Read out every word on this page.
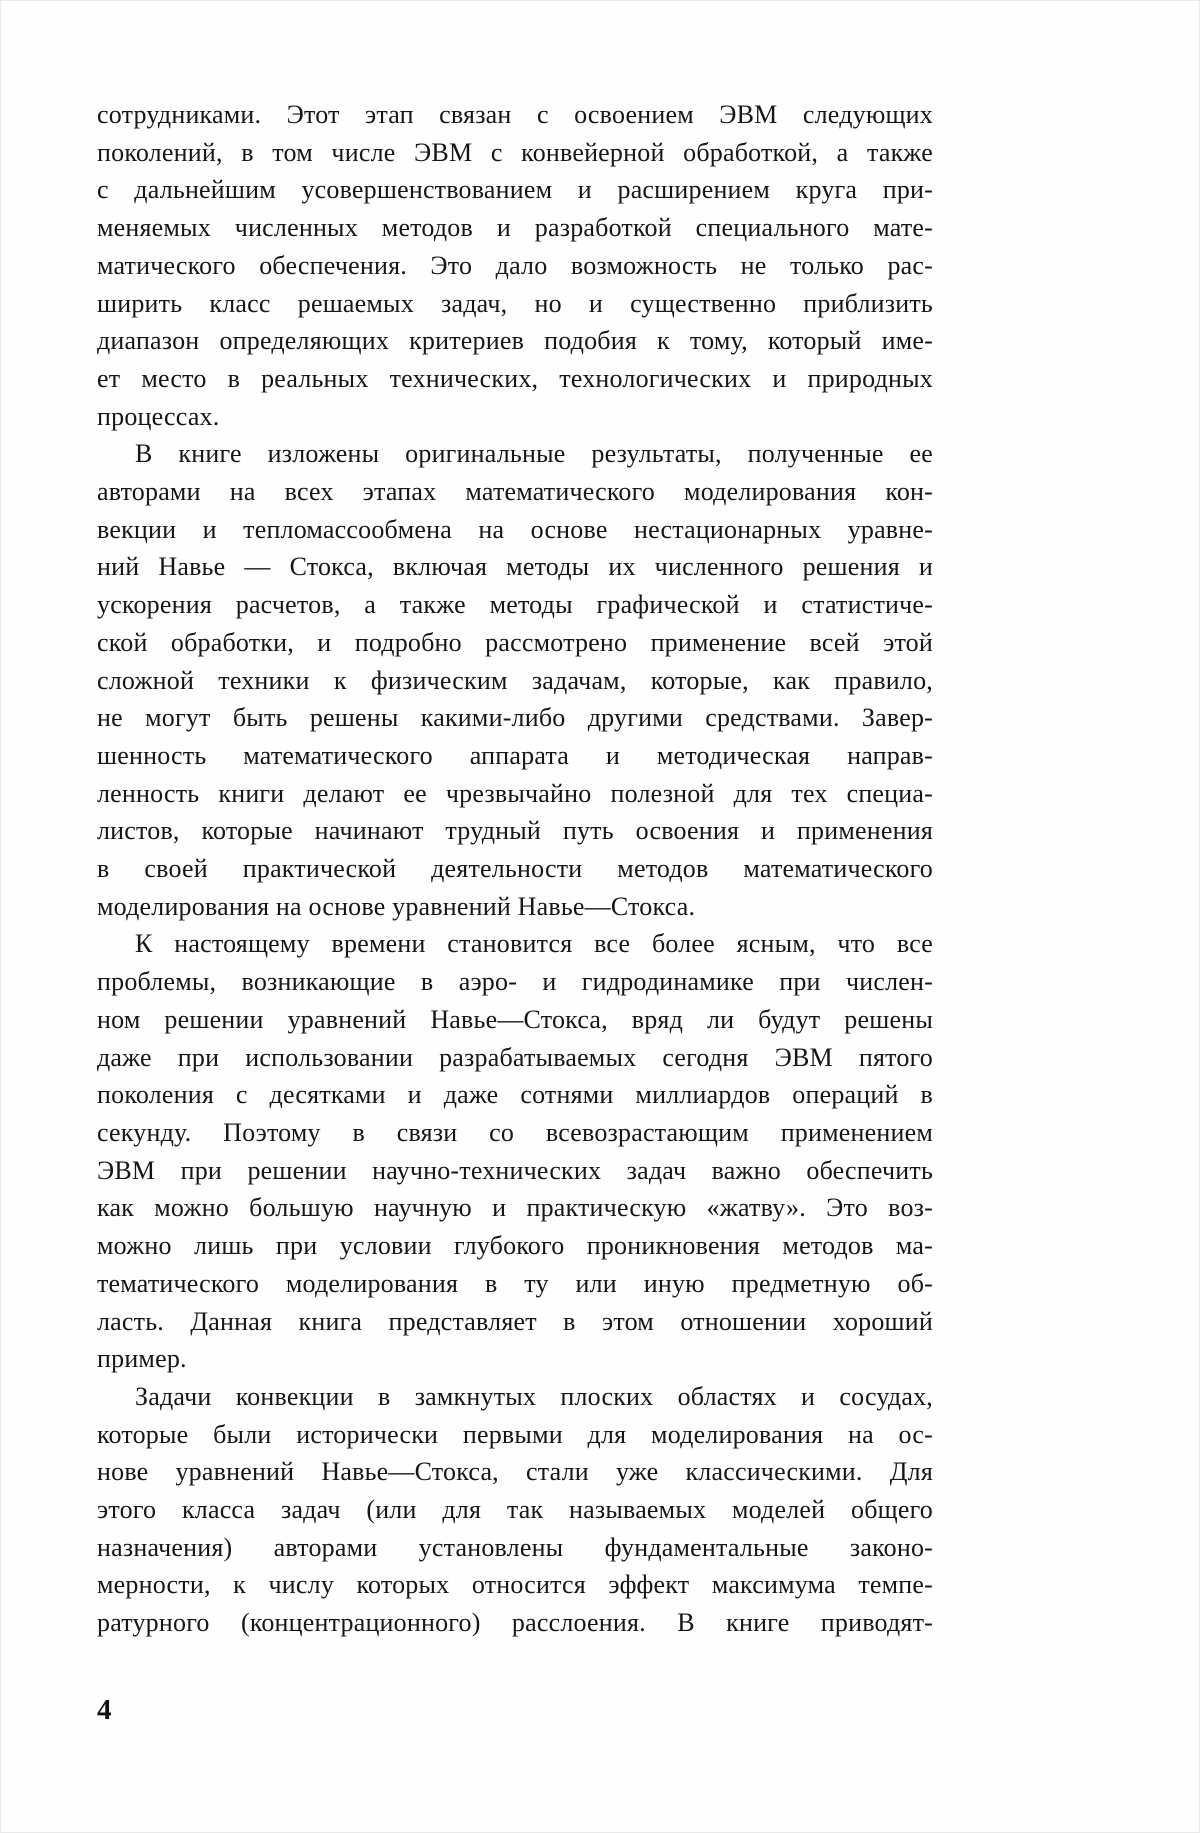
сотрудниками. Этот этап связан с освоением ЭВМ следующих
поколений, в том числе ЭВМ с конвейерной обработкой, а также
с дальнейшим усовершенствованием и расширением круга при-
меняемых численных методов и разработкой специального мате-
матического обеспечения. Это дало возможность не только рас-
ширить класс решаемых задач, но и существенно приблизить
диапазон определяющих критериев подобия к тому, который име-
ет место в реальных технических, технологических и природных
процессах.
В книге изложены оригинальные результаты, полученные ее
авторами на всех этапах математического моделирования кон-
векции и тепломассообмена на основе нестационарных уравне-
ний Навье — Стокса, включая методы их численного решения и
ускорения расчетов, а также методы графической и статистиче-
ской обработки, и подробно рассмотрено применение всей этой
сложной техники к физическим задачам, которые, как правило,
не могут быть решены какими-либо другими средствами. Завер-
шенность математического аппарата и методическая направ-
ленность книги делают ее чрезвычайно полезной для тех специа-
листов, которые начинают трудный путь освоения и применения
в своей практической деятельности методов математического
моделирования на основе уравнений Навье—Стокса.
К настоящему времени становится все более ясным, что все
проблемы, возникающие в аэро- и гидродинамике при числен-
ном решении уравнений Навье—Стокса, вряд ли будут решены
даже при использовании разрабатываемых сегодня ЭВМ пятого
поколения с десятками и даже сотнями миллиардов операций в
секунду. Поэтому в связи со всевозрастающим применением
ЭВМ при решении научно-технических задач важно обеспечить
как можно большую научную и практическую «жатву». Это воз-
можно лишь при условии глубокого проникновения методов ма-
тематического моделирования в ту или иную предметную об-
ласть. Данная книга представляет в этом отношении хороший
пример.
Задачи конвекции в замкнутых плоских областях и сосудах,
которые были исторически первыми для моделирования на ос-
нове уравнений Навье—Стокса, стали уже классическими. Для
этого класса задач (или для так называемых моделей общего
назначения) авторами установлены фундаментальные законо-
мерности, к числу которых относится эффект максимума темпе-
ратурного (концентрационного) расслоения. В книге приводят-
4
